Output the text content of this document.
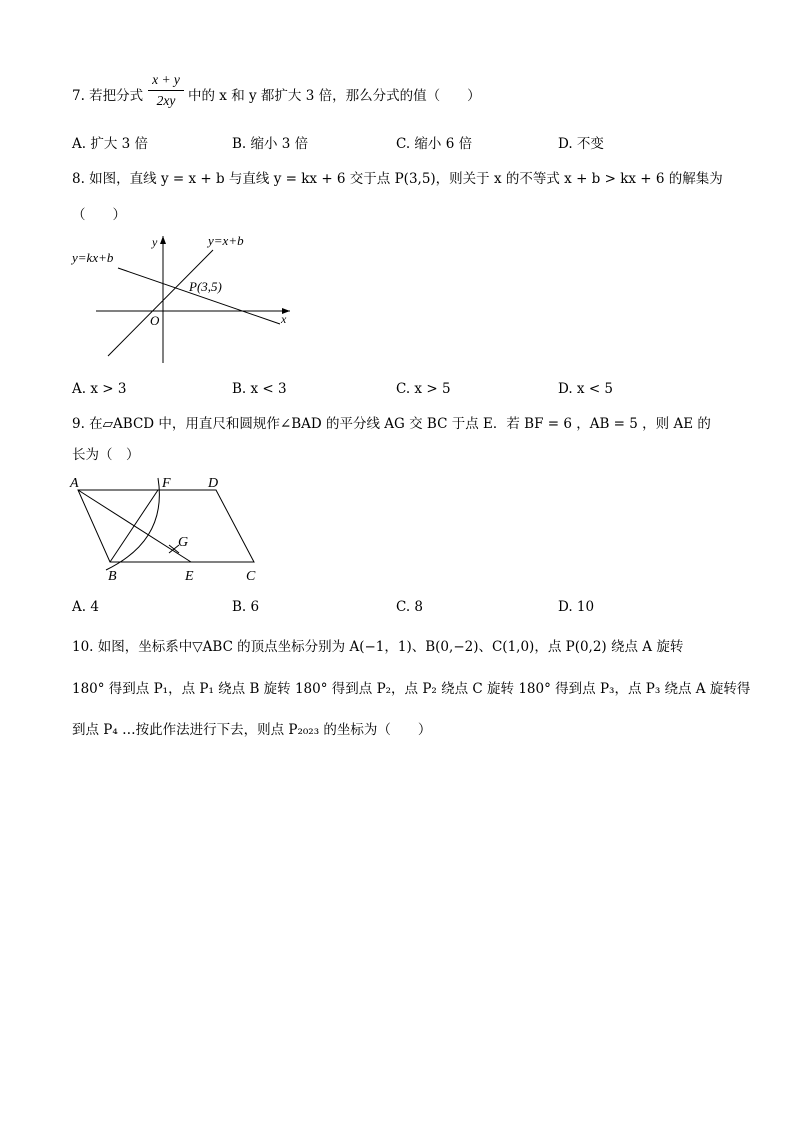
7. 若把分式
x + y
2xy 中的 x 和 y 都扩大 3 倍，那么分式的值（　　）
A. 扩大 3 倍	B. 缩小 3 倍	C. 缩小 6 倍	D. 不变
8. 如图，直线 y = x + b 与直线 y = kx + 6 交于点 P(3,5)，则关于 x 的不等式 x + b > kx + 6 的解集为
（　　）
y=kx+b
y=x+b
P(3,5)
O	x
y
A. x > 3	B. x < 3	C. x > 5	D. x < 5
9. 在▱ABCD 中，用直尺和圆规作∠BAD 的平分线 AG 交 BC 于点 E．若 BF = 6 ，AB = 5 ，则 AE 的
长为（　）
A	F	D
G
B	E	C
A. 4	B. 6	C. 8	D. 10
10. 如图，坐标系中▽ABC 的顶点坐标分别为 A(−1，1)、B(0,−2)、C(1,0)，点 P(0,2) 绕点 A 旋转
180° 得到点 P₁，点 P₁ 绕点 B 旋转 180° 得到点 P₂，点 P₂ 绕点 C 旋转 180° 得到点 P₃，点 P₃ 绕点 A 旋转得
到点 P₄ …按此作法进行下去，则点 P₂₀₂₃ 的坐标为（　　）
